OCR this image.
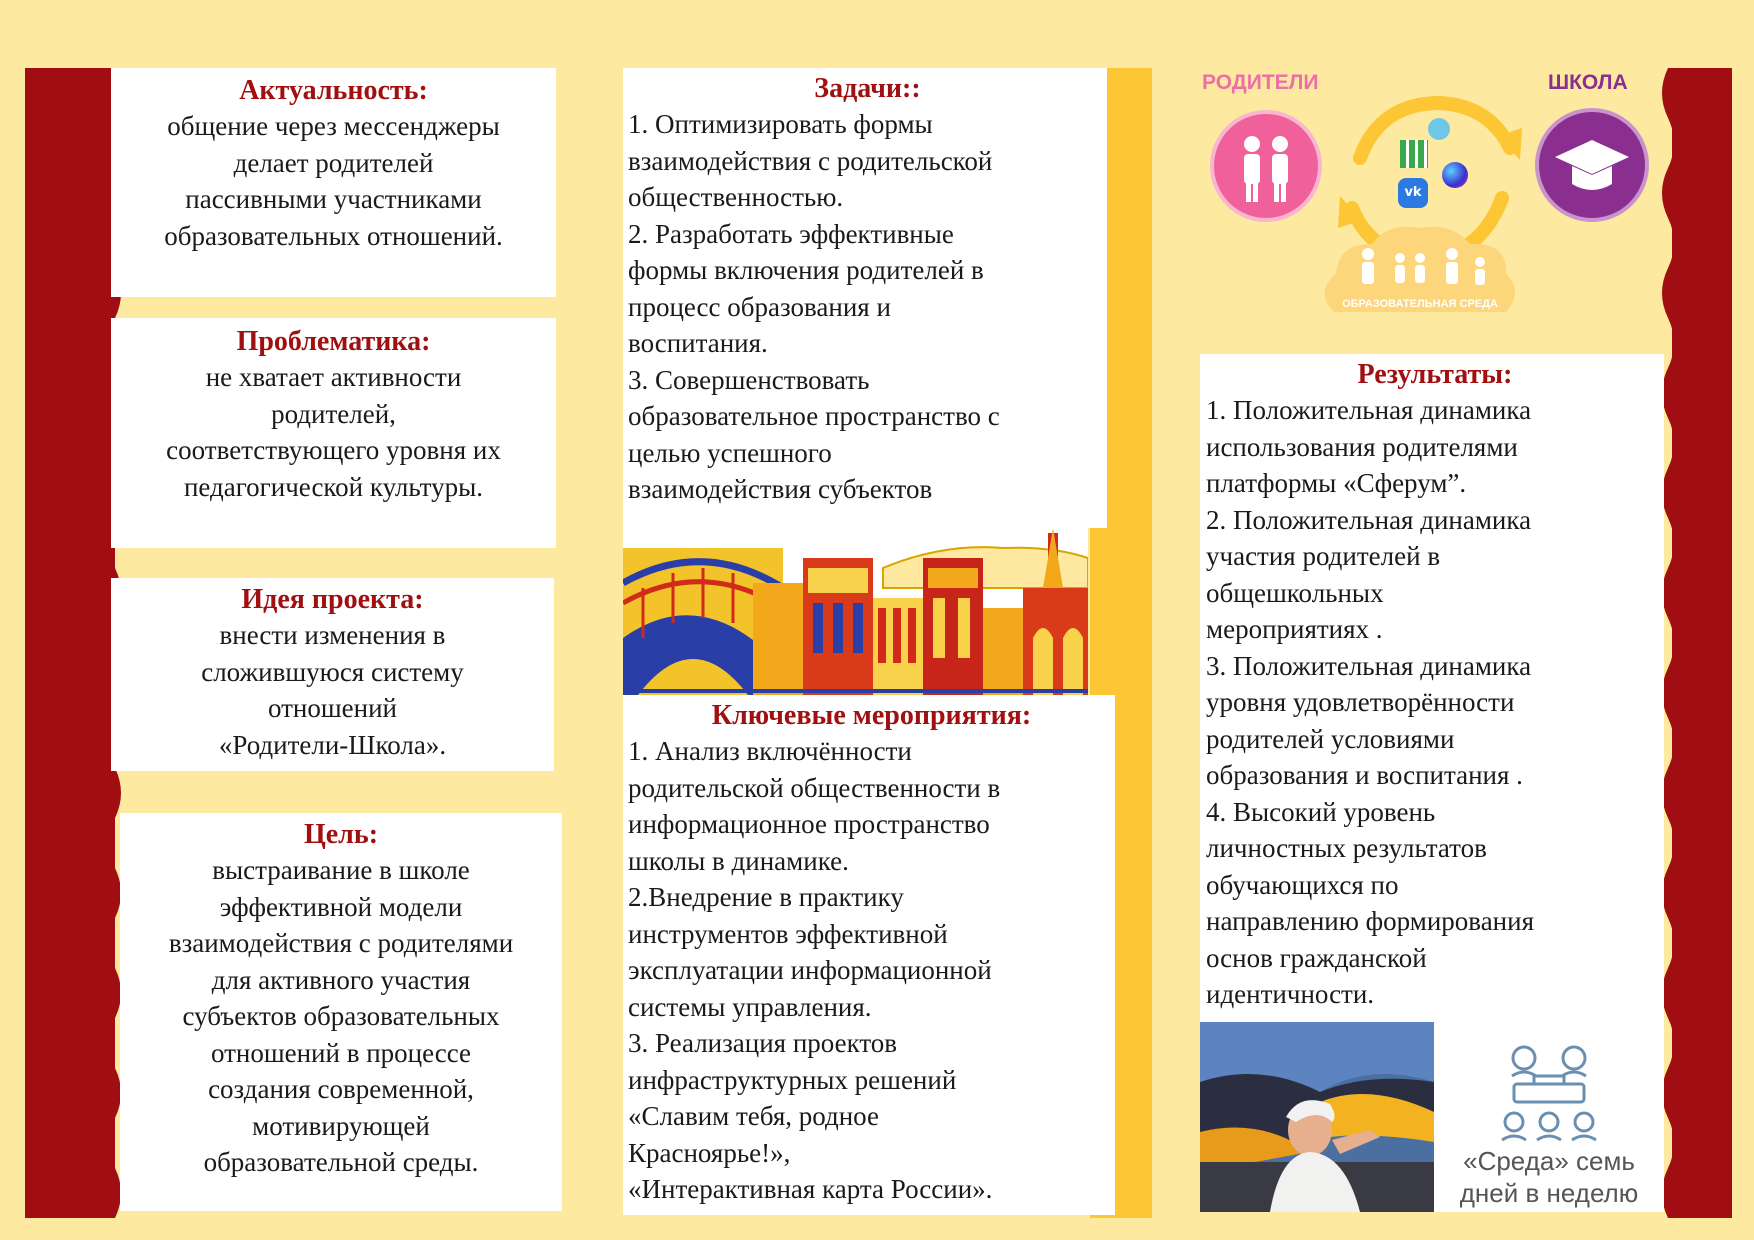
Актуальность:

общение через мессенджеры

делает родителей

пассивными участниками

образовательных отношений.

Проблематика:

не хватает активности

родителей,

соответствующего уровня их

педагогической культуры.

Идея проекта:

внести изменения в

сложившуюся систему

отношений

«Родители-Школа».

Цель:

выстраивание в школе

эффективной модели

взаимодействия с родителями

для активного участия

субъектов образовательных

отношений в процессе

создания современной,

мотивирующей

образовательной среды.

Задачи::

1. Оптимизировать формы

взаимодействия с родительской

общественностью.

2. Разработать эффективные

формы включения родителей в

процесс образования и

воспитания.

3. Совершенствовать

образовательное пространство с

целью успешного

взаимодействия субъектов

Ключевые мероприятия:

1. Анализ включённости

родительской общественности в

информационное пространство

школы в динамике.

2.Внедрение в практику

инструментов эффективной

эксплуатации информационной

системы управления.

3. Реализация проектов

инфраструктурных решений

«Славим тебя, родное

Красноярье!»,

«Интерактивная карта России».

РОДИТЕЛИ	ШКОЛА
vk
ОБРАЗОВАТЕЛЬНАЯ СРЕДА
Результаты:

1. Положительная динамика

использования родителями

платформы «Сферум”.

2. Положительная динамика

участия родителей в

общешкольных

мероприятиях .

3. Положительная динамика

уровня удовлетворённости

родителей условиями

образования и воспитания .

4. Высокий уровень

личностных результатов

обучающихся по

направлению формирования

основ гражданской

идентичности.

«Среда» семь
дней в неделю
